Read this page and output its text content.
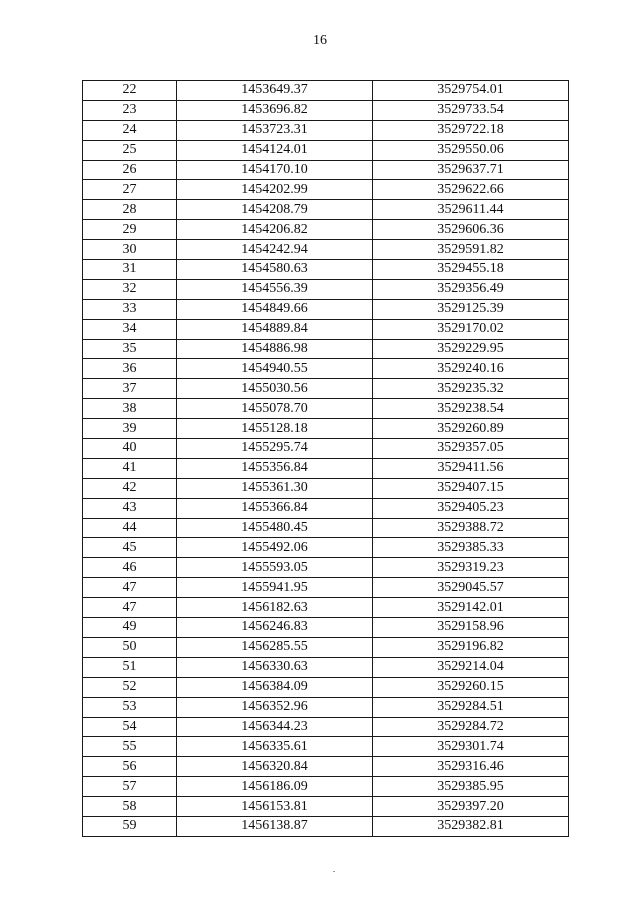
16
22	1453649.37	3529754.01
23	1453696.82	3529733.54
24	1453723.31	3529722.18
25	1454124.01	3529550.06
26	1454170.10	3529637.71
27	1454202.99	3529622.66
28	1454208.79	3529611.44
29	1454206.82	3529606.36
30	1454242.94	3529591.82
31	1454580.63	3529455.18
32	1454556.39	3529356.49
33	1454849.66	3529125.39
34	1454889.84	3529170.02
35	1454886.98	3529229.95
36	1454940.55	3529240.16
37	1455030.56	3529235.32
38	1455078.70	3529238.54
39	1455128.18	3529260.89
40	1455295.74	3529357.05
41	1455356.84	3529411.56
42	1455361.30	3529407.15
43	1455366.84	3529405.23
44	1455480.45	3529388.72
45	1455492.06	3529385.33
46	1455593.05	3529319.23
47	1455941.95	3529045.57
47	1456182.63	3529142.01
49	1456246.83	3529158.96
50	1456285.55	3529196.82
51	1456330.63	3529214.04
52	1456384.09	3529260.15
53	1456352.96	3529284.51
54	1456344.23	3529284.72
55	1456335.61	3529301.74
56	1456320.84	3529316.46
57	1456186.09	3529385.95
58	1456153.81	3529397.20
59	1456138.87	3529382.81
